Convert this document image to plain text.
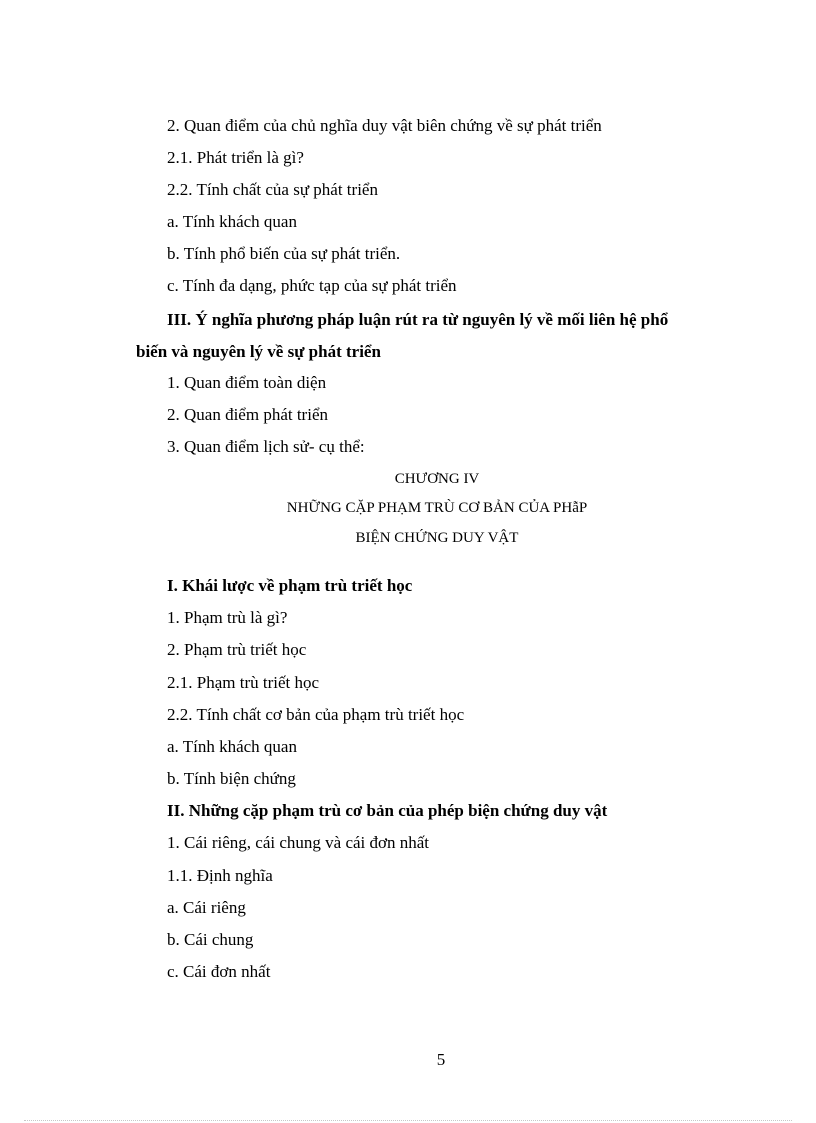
2. Quan điểm của chủ nghĩa duy vật biên chứng về sự phát triển
2.1. Phát triển là gì?
2.2. Tính chất của sự phát triển
a. Tính khách quan
b. Tính phổ biến của sự phát triển.
c. Tính đa dạng, phức tạp của sự phát triển
III. Ý nghĩa phương pháp luận rút ra từ nguyên lý về mối liên hệ phổ
biến và nguyên lý về sự phát triển
1. Quan điểm toàn diện
2. Quan điểm phát triển
3. Quan điểm lịch sử- cụ thể:
CHƯƠNG IV
NHỮNG CẶP PHẠM TRÙ CƠ BẢN CỦA PHẫP
BIỆN CHỨNG DUY VẬT
I. Khái lược về phạm trù triết học
1. Phạm trù là gì?
2. Phạm trù triết học
2.1. Phạm trù triết học
2.2. Tính chất cơ bản của phạm trù triết học
a. Tính khách quan
b. Tính biện chứng
II. Những cặp phạm trù cơ bản của phép biện chứng duy vật
1. Cái riêng, cái chung và cái đơn nhất
1.1. Định nghĩa
a. Cái riêng
b. Cái chung
c. Cái đơn nhất
5
